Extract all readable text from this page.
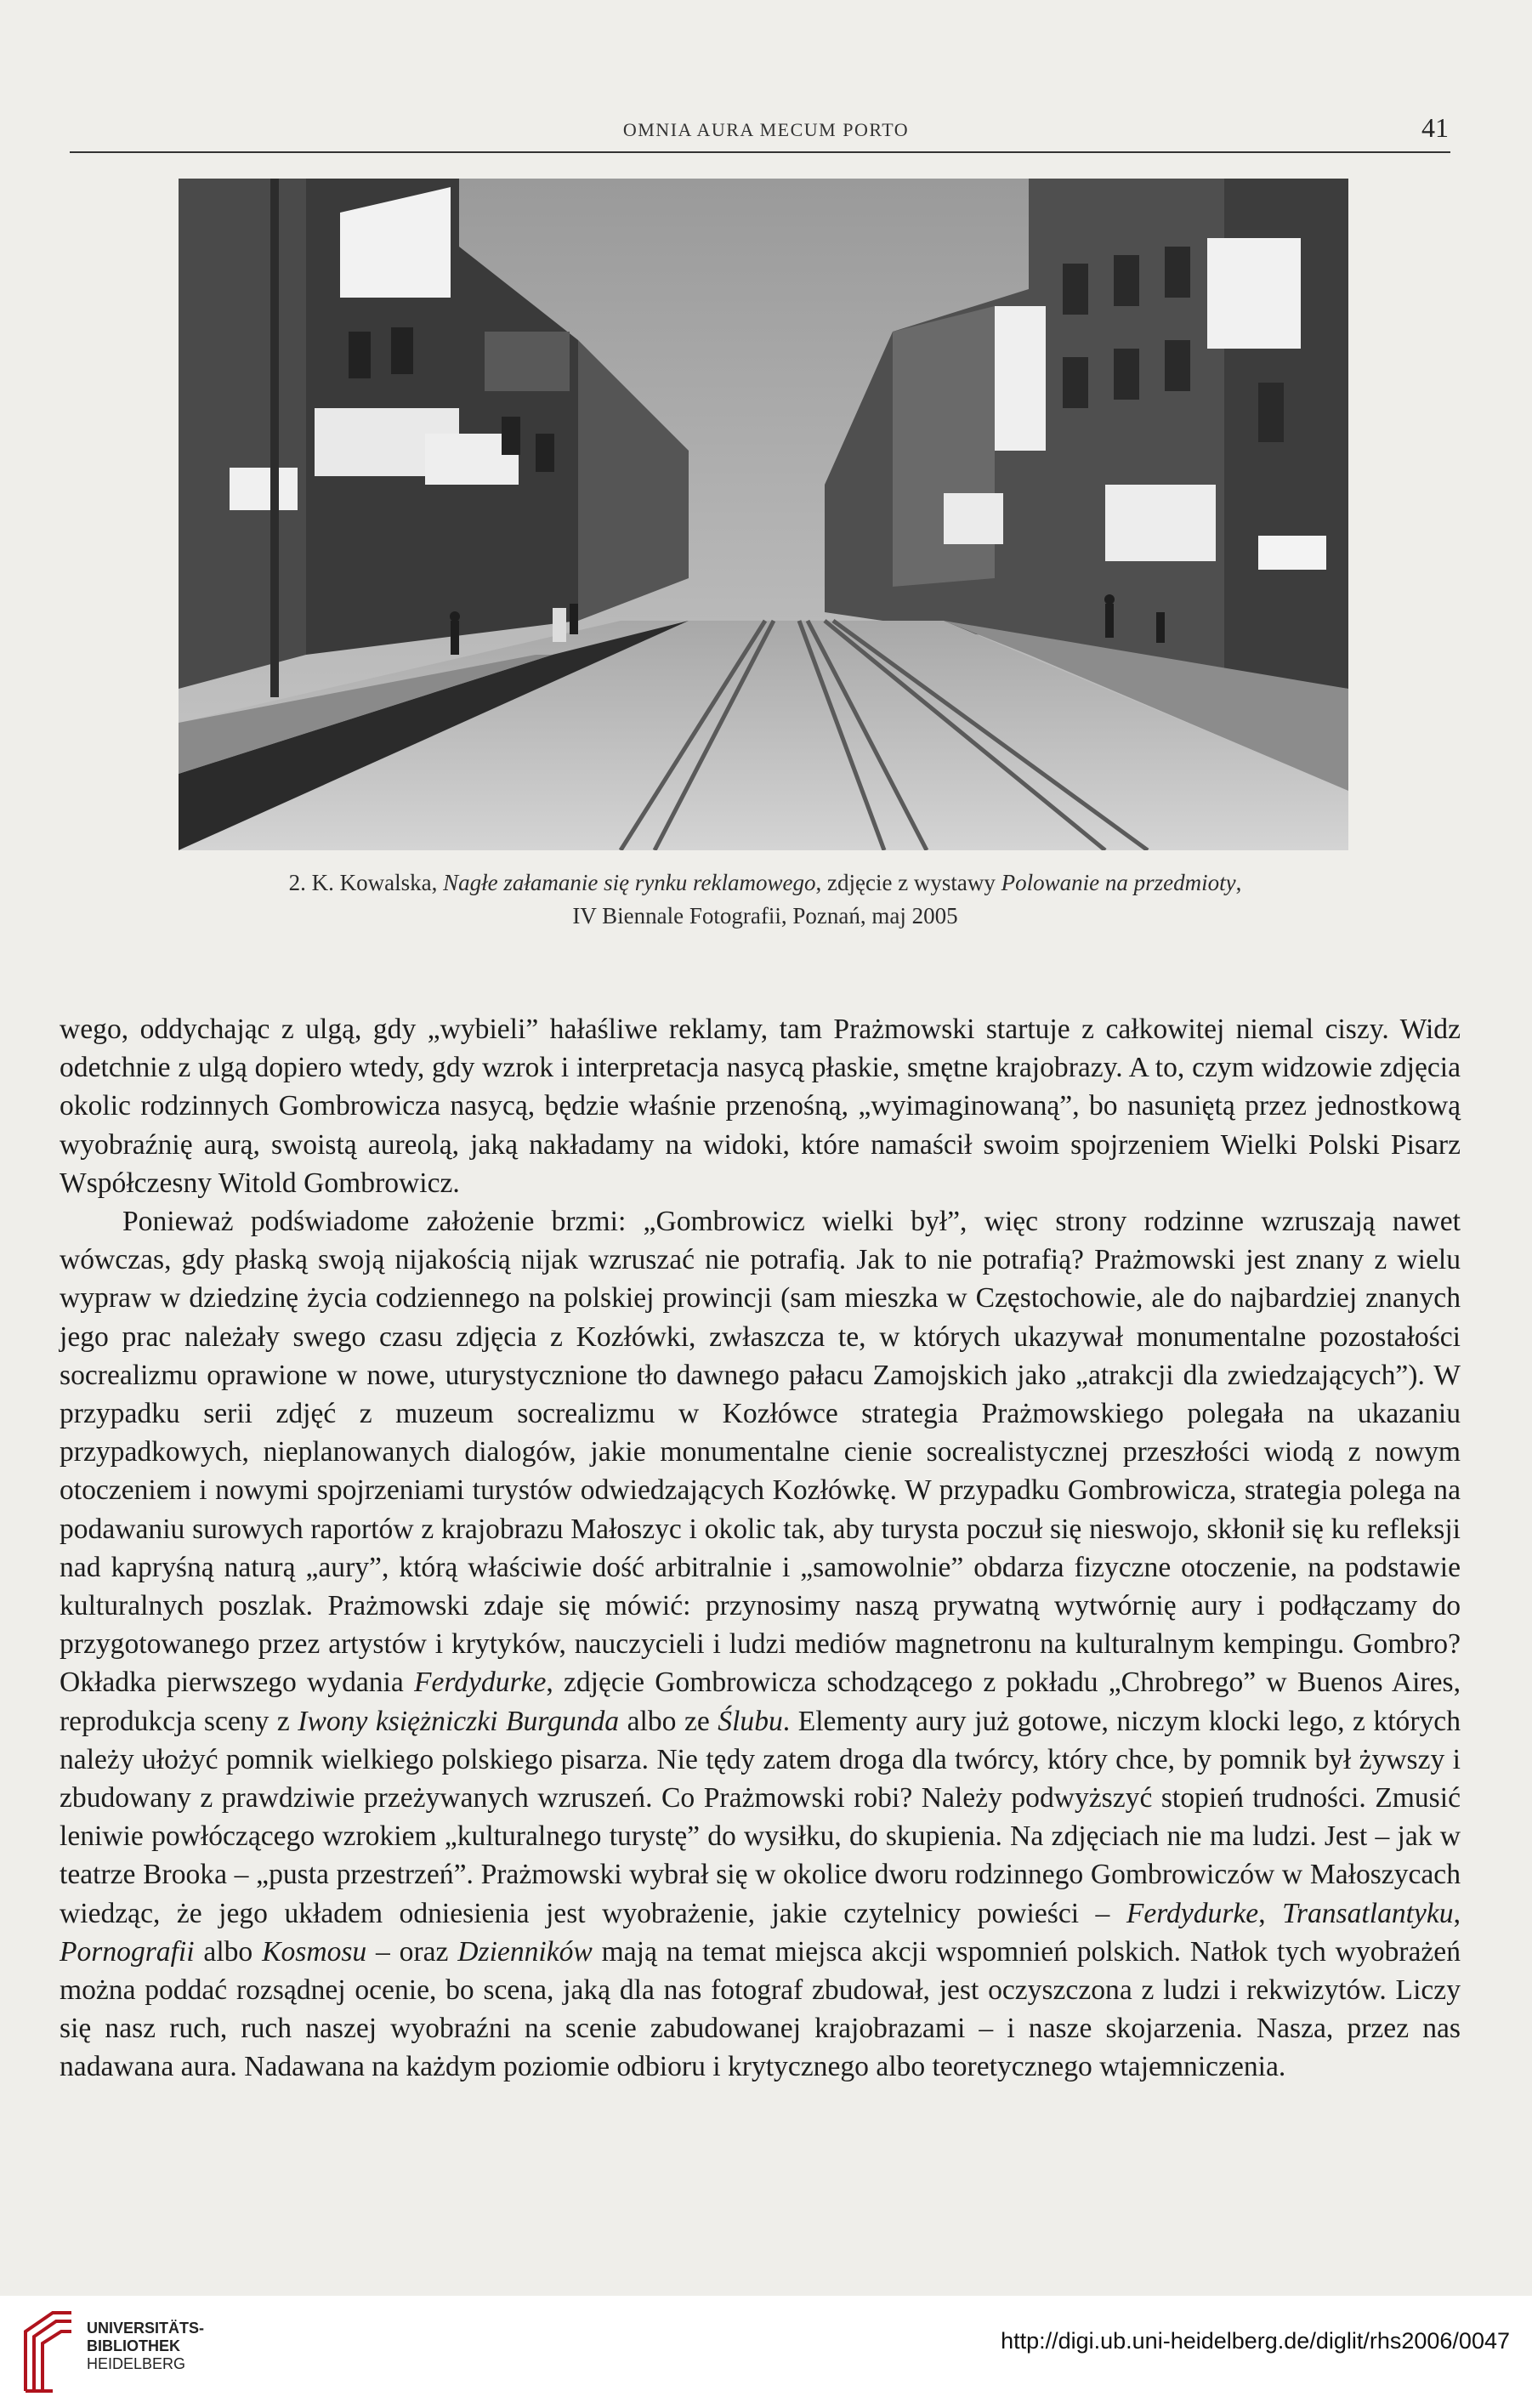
OMNIA AURA MECUM PORTO	41
2. K. Kowalska, Nagłe załamanie się rynku reklamowego, zdjęcie z wystawy Polowanie na przedmioty,
IV Biennale Fotografii, Poznań, maj 2005

wego, oddychając z ulgą, gdy „wybieli” hałaśliwe reklamy, tam Prażmowski startuje z całkowitej niemal ciszy. Widz odetchnie z ulgą dopiero wtedy, gdy wzrok i interpretacja nasycą płaskie, smętne krajobrazy. A to, czym widzowie zdjęcia okolic rodzinnych Gombrowicza nasycą, będzie właśnie przenośną, „wyimaginowaną”, bo nasuniętą przez jednostkową wyobraźnię aurą, swoistą aureolą, jaką nakładamy na widoki, które namaścił swoim spojrzeniem Wielki Polski Pisarz Współczesny Witold Gombrowicz.

Ponieważ podświadome założenie brzmi: „Gombrowicz wielki był”, więc strony rodzinne wzruszają nawet wówczas, gdy płaską swoją nijakością nijak wzruszać nie potrafią. Jak to nie potrafią? Prażmowski jest znany z wielu wypraw w dziedzinę życia codziennego na polskiej prowincji (sam mieszka w Częstochowie, ale do najbardziej znanych jego prac należały swego czasu zdjęcia z Kozłówki, zwłaszcza te, w których ukazywał monumentalne pozostałości socrealizmu oprawione w nowe, uturystycznione tło dawnego pałacu Zamojskich jako „atrakcji dla zwiedzających”). W przypadku serii zdjęć z muzeum socrealizmu w Kozłówce strategia Prażmowskiego polegała na ukazaniu przypadkowych, nieplanowanych dialogów, jakie monumentalne cienie socrealistycznej przeszłości wiodą z nowym otoczeniem i nowymi spojrzeniami turystów odwiedzających Kozłówkę. W przypadku Gombrowicza, strategia polega na podawaniu surowych raportów z krajobrazu Małoszyc i okolic tak, aby turysta poczuł się nieswojo, skłonił się ku refleksji nad kapryśną naturą „aury”, którą właściwie dość arbitralnie i „samowolnie” obdarza fizyczne otoczenie, na podstawie kulturalnych poszlak. Prażmowski zdaje się mówić: przynosimy naszą prywatną wytwórnię aury i podłączamy do przygotowanego przez artystów i krytyków, nauczycieli i ludzi mediów magnetronu na kulturalnym kempingu. Gombro? Okładka pierwszego wydania Ferdydurke, zdjęcie Gombrowicza schodzącego z pokładu „Chrobrego” w Buenos Aires, reprodukcja sceny z Iwony księżniczki Burgunda albo ze Ślubu. Elementy aury już gotowe, niczym klocki lego, z których należy ułożyć pomnik wielkiego polskiego pisarza. Nie tędy zatem droga dla twórcy, który chce, by pomnik był żywszy i zbudowany z prawdziwie przeżywanych wzruszeń. Co Prażmowski robi? Należy podwyższyć stopień trudności. Zmusić leniwie powłóczącego wzrokiem „kulturalnego turystę” do wysiłku, do skupienia. Na zdjęciach nie ma ludzi. Jest – jak w teatrze Brooka – „pusta przestrzeń”. Prażmowski wybrał się w okolice dworu rodzinnego Gombrowiczów w Małoszycach wiedząc, że jego układem odniesienia jest wyobrażenie, jakie czytelnicy powieści – Ferdydurke, Transatlantyku, Pornografii albo Kosmosu – oraz Dzienników mają na temat miejsca akcji wspomnień polskich. Natłok tych wyobrażeń można poddać rozsądnej ocenie, bo scena, jaką dla nas fotograf zbudował, jest oczyszczona z ludzi i rekwizytów. Liczy się nasz ruch, ruch naszej wyobraźni na scenie zabudowanej krajobrazami – i nasze skojarzenia. Nasza, przez nas nadawana aura. Nadawana na każdym poziomie odbioru i krytycznego albo teoretycznego wtajemniczenia.

UNIVERSITÄTS-
BIBLIOTHEK
HEIDELBERG
http://digi.ub.uni-heidelberg.de/diglit/rhs2006/0047
